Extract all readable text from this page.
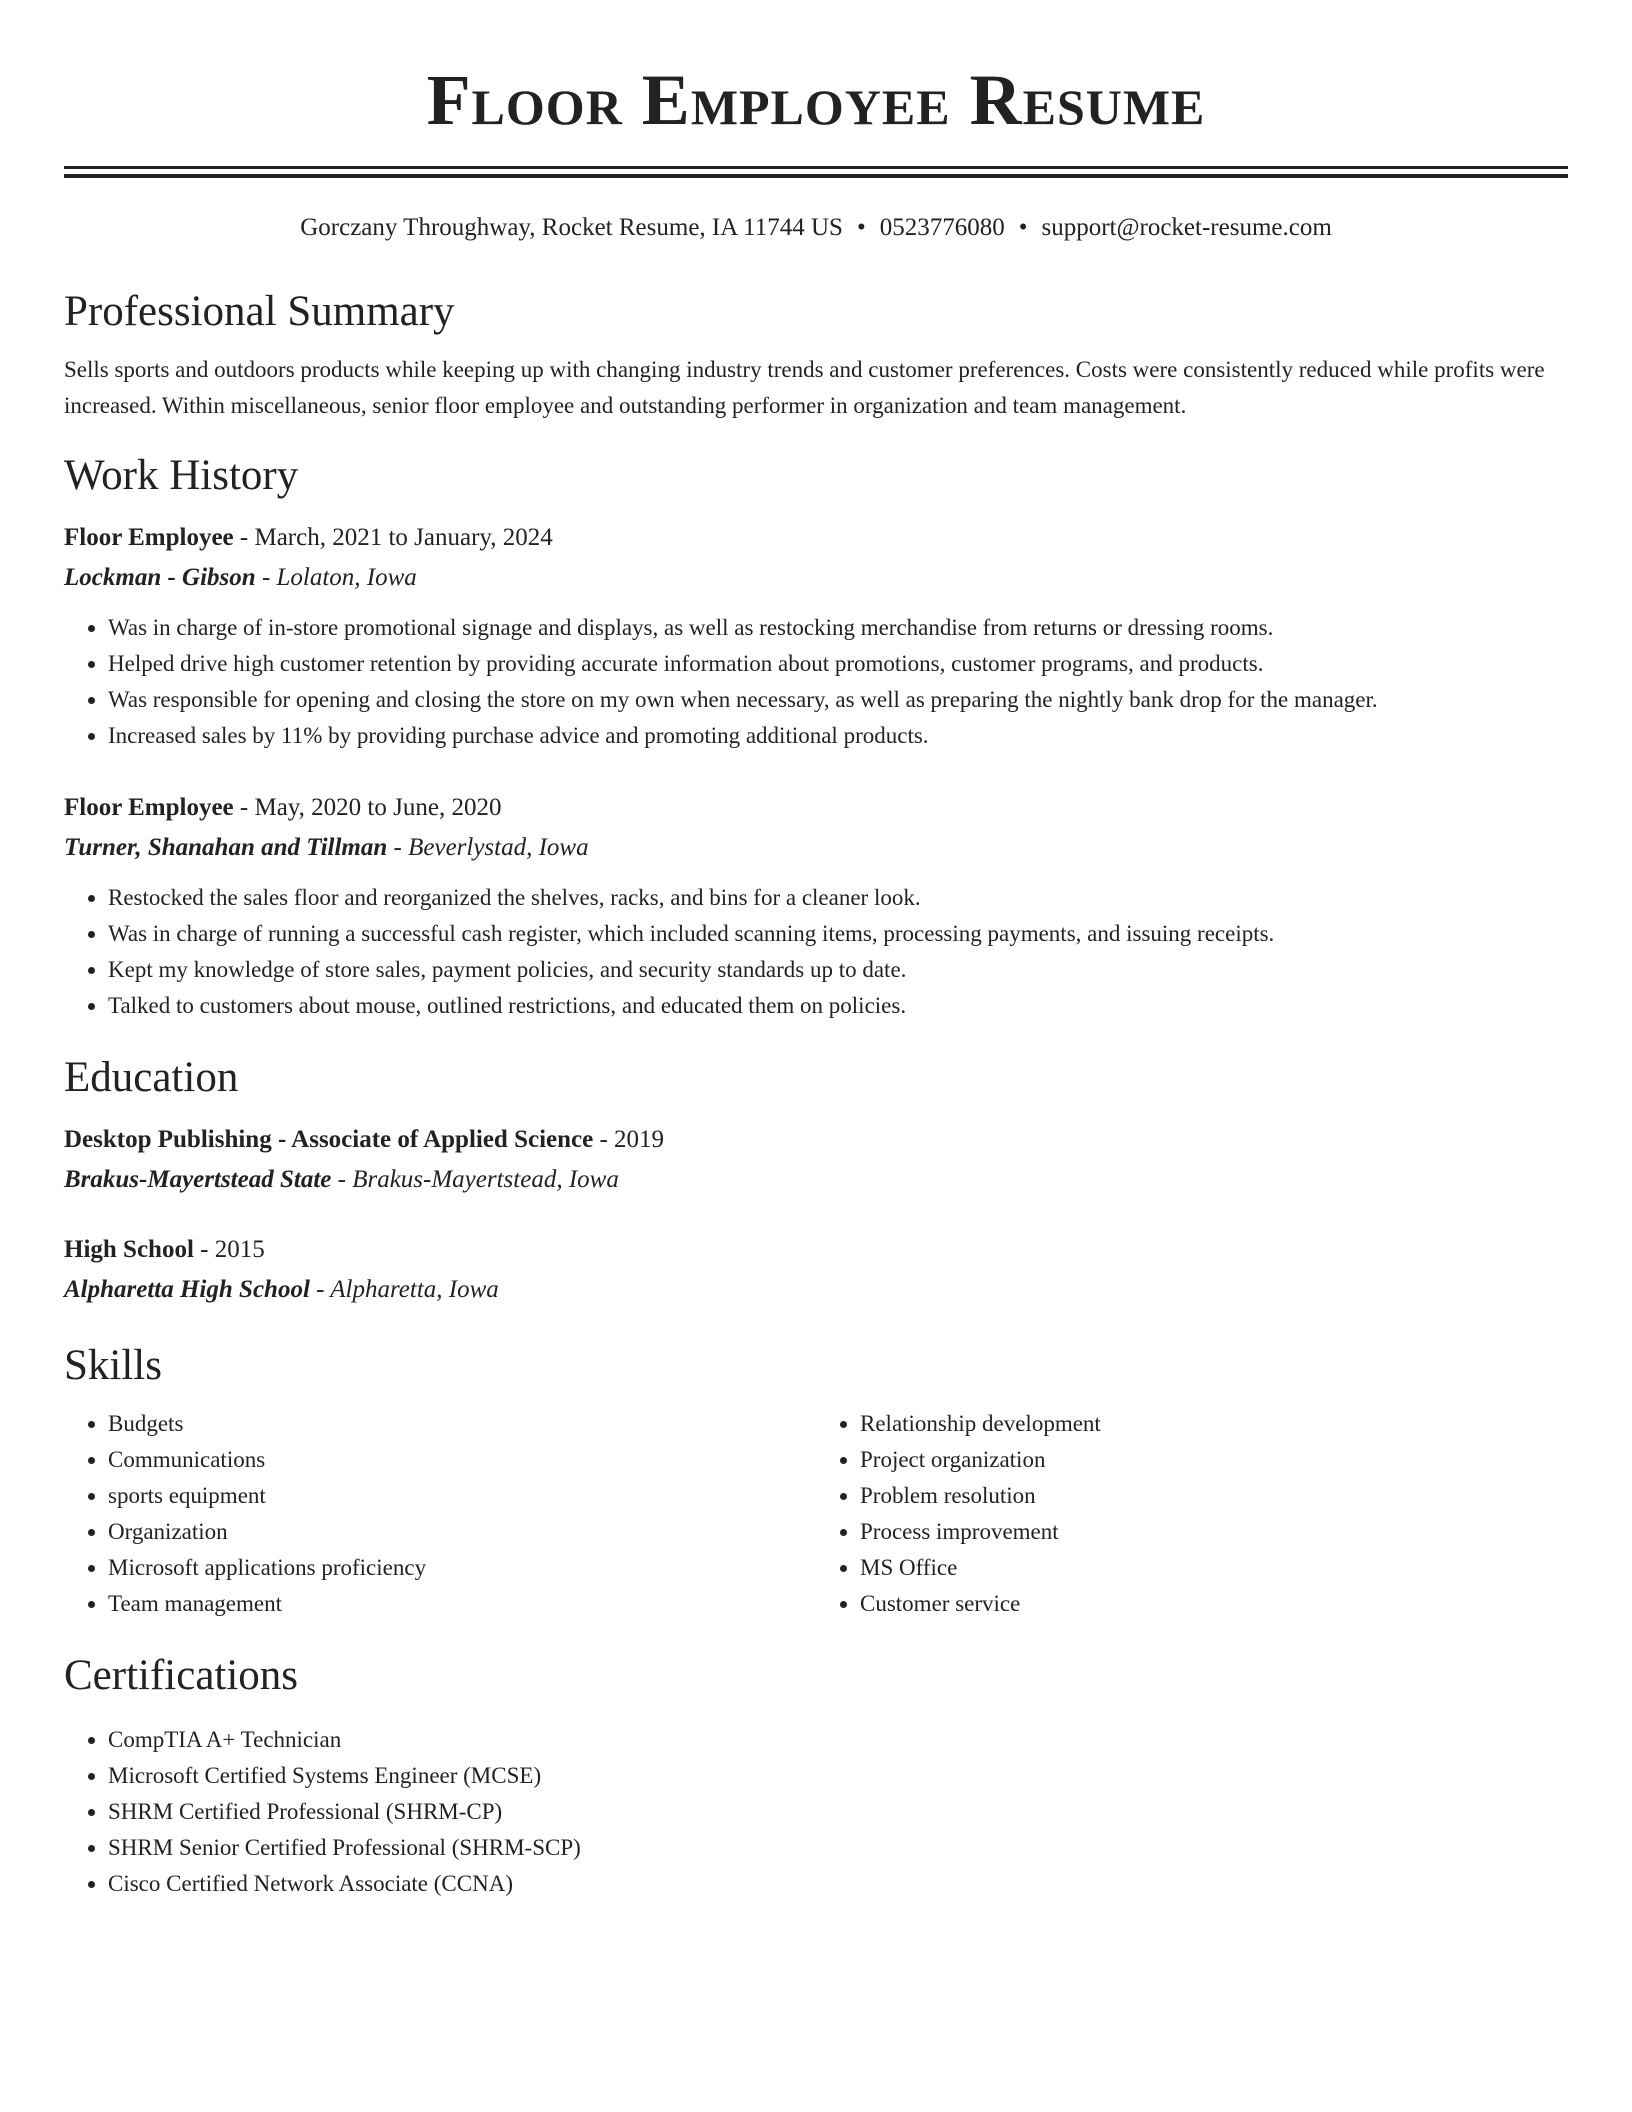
Floor Employee Resume
Gorczany Throughway, Rocket Resume, IA 11744 US • 0523776080 • support@rocket-resume.com
Professional Summary

Sells sports and outdoors products while keeping up with changing industry trends and customer preferences. Costs were consistently reduced while profits were increased. Within miscellaneous, senior floor employee and outstanding performer in organization and team management.

Work History
Floor Employee - March, 2021 to January, 2024
Lockman - Gibson - Lolaton, Iowa
• Was in charge of in-store promotional signage and displays, as well as restocking merchandise from returns or dressing rooms.
• Helped drive high customer retention by providing accurate information about promotions, customer programs, and products.
• Was responsible for opening and closing the store on my own when necessary, as well as preparing the nightly bank drop for the manager.
• Increased sales by 11% by providing purchase advice and promoting additional products.
Floor Employee - May, 2020 to June, 2020
Turner, Shanahan and Tillman - Beverlystad, Iowa
• Restocked the sales floor and reorganized the shelves, racks, and bins for a cleaner look.
• Was in charge of running a successful cash register, which included scanning items, processing payments, and issuing receipts.
• Kept my knowledge of store sales, payment policies, and security standards up to date.
• Talked to customers about mouse, outlined restrictions, and educated them on policies.
Education
Desktop Publishing - Associate of Applied Science - 2019
Brakus-Mayertstead State - Brakus-Mayertstead, Iowa
High School - 2015
Alpharetta High School - Alpharetta, Iowa
Skills
• Budgets
• Communications
• sports equipment
• Organization
• Microsoft applications proficiency
• Team management
• Relationship development
• Project organization
• Problem resolution
• Process improvement
• MS Office
• Customer service
Certifications
• CompTIA A+ Technician
• Microsoft Certified Systems Engineer (MCSE)
• SHRM Certified Professional (SHRM-CP)
• SHRM Senior Certified Professional (SHRM-SCP)
• Cisco Certified Network Associate (CCNA)
